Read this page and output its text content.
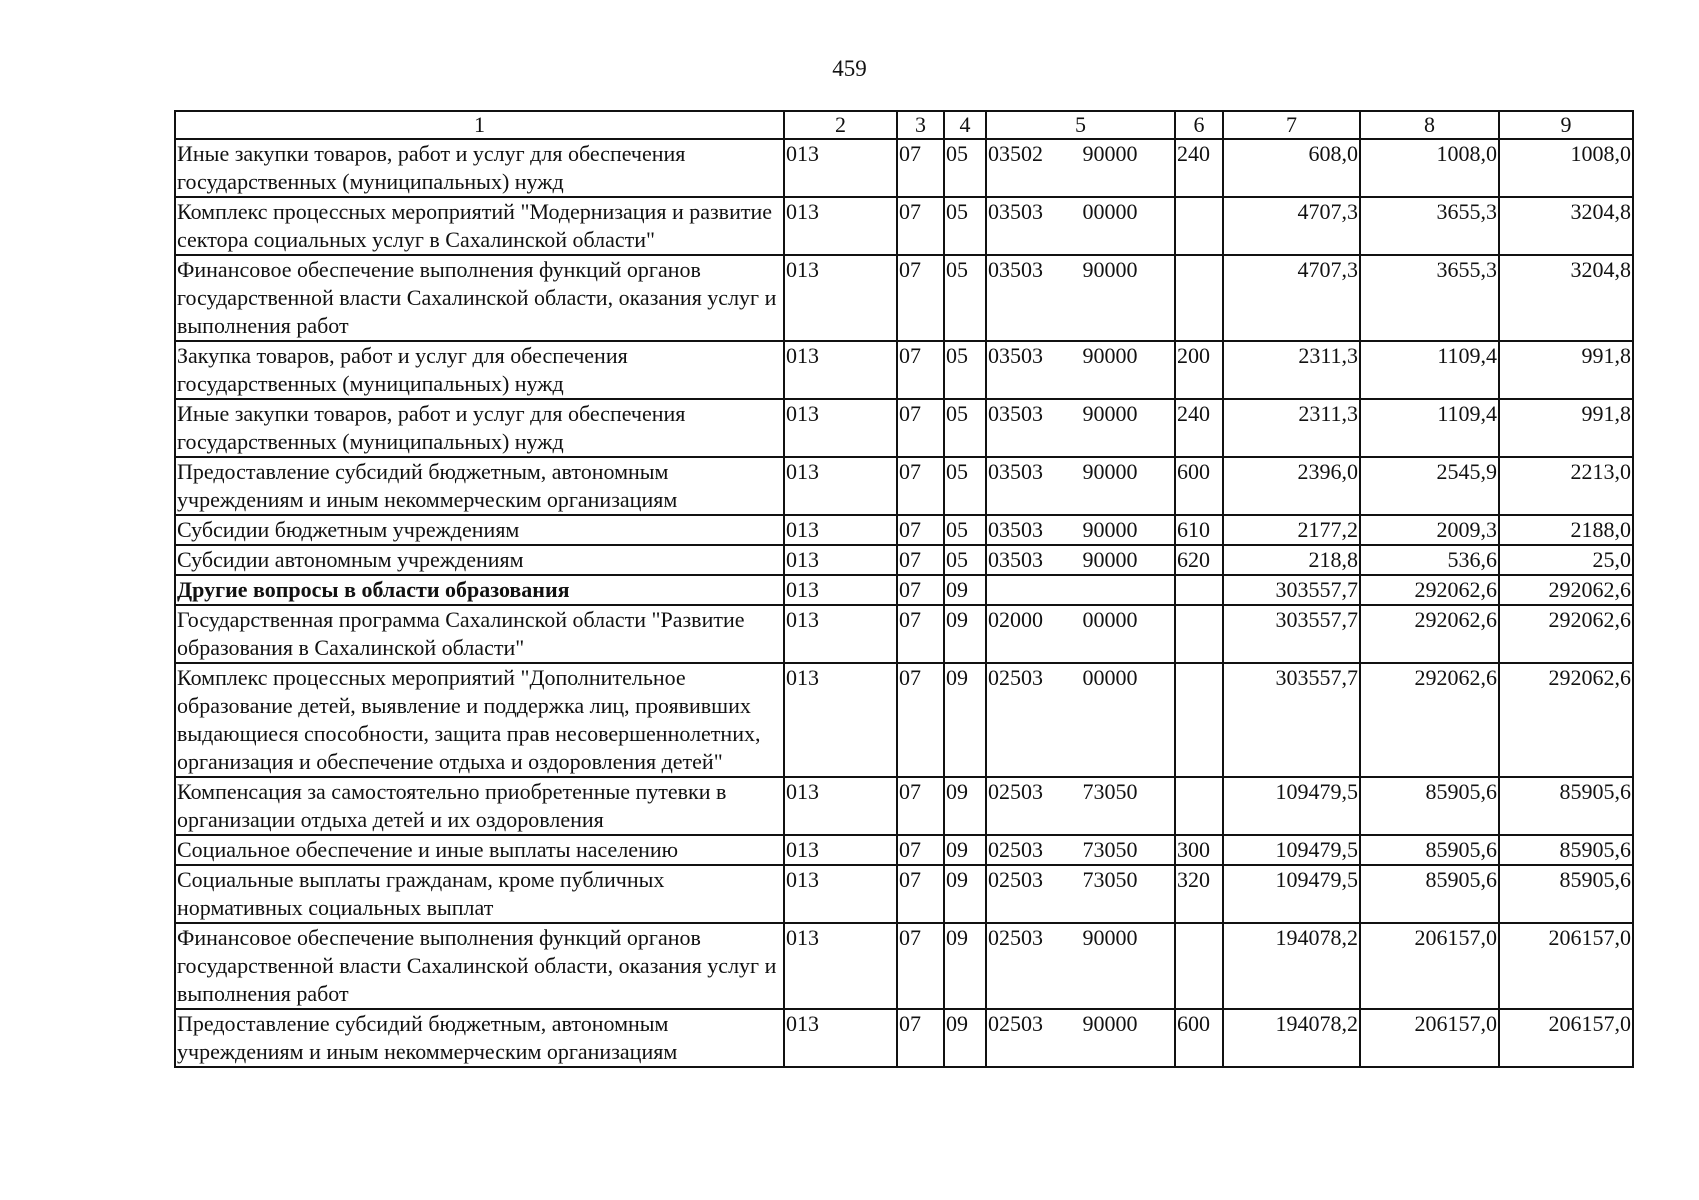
459
1	2	3	4	5	6	7	8	9
Иные закупки товаров, работ и услуг для обеспечения государственных (муниципальных) нужд	013	07	05	03502 90000	240	608,0	1008,0	1008,0
Комплекс процессных мероприятий "Модернизация и развитие сектора социальных услуг в Сахалинской области"	013	07	05	03503 00000		4707,3	3655,3	3204,8
Финансовое обеспечение выполнения функций органов государственной власти Сахалинской области, оказания услуг и выполнения работ	013	07	05	03503 90000		4707,3	3655,3	3204,8
Закупка товаров, работ и услуг для обеспечения государственных (муниципальных) нужд	013	07	05	03503 90000	200	2311,3	1109,4	991,8
Иные закупки товаров, работ и услуг для обеспечения государственных (муниципальных) нужд	013	07	05	03503 90000	240	2311,3	1109,4	991,8
Предоставление субсидий бюджетным, автономным учреждениям и иным некоммерческим организациям	013	07	05	03503 90000	600	2396,0	2545,9	2213,0
Субсидии бюджетным учреждениям	013	07	05	03503 90000	610	2177,2	2009,3	2188,0
Субсидии автономным учреждениям	013	07	05	03503 90000	620	218,8	536,6	25,0
Другие вопросы в области образования	013	07	09			303557,7	292062,6	292062,6
Государственная программа Сахалинской области "Развитие образования в Сахалинской области"	013	07	09	02000 00000		303557,7	292062,6	292062,6
Комплекс процессных мероприятий "Дополнительное образование детей, выявление и поддержка лиц, проявивших выдающиеся способности, защита прав несовершеннолетних, организация и обеспечение отдыха и оздоровления детей"	013	07	09	02503 00000		303557,7	292062,6	292062,6
Компенсация за самостоятельно приобретенные путевки в организации отдыха детей и их оздоровления	013	07	09	02503 73050		109479,5	85905,6	85905,6
Социальное обеспечение и иные выплаты населению	013	07	09	02503 73050	300	109479,5	85905,6	85905,6
Социальные выплаты гражданам, кроме публичных нормативных социальных выплат	013	07	09	02503 73050	320	109479,5	85905,6	85905,6
Финансовое обеспечение выполнения функций органов государственной власти Сахалинской области, оказания услуг и выполнения работ	013	07	09	02503 90000		194078,2	206157,0	206157,0
Предоставление субсидий бюджетным, автономным учреждениям и иным некоммерческим организациям	013	07	09	02503 90000	600	194078,2	206157,0	206157,0
